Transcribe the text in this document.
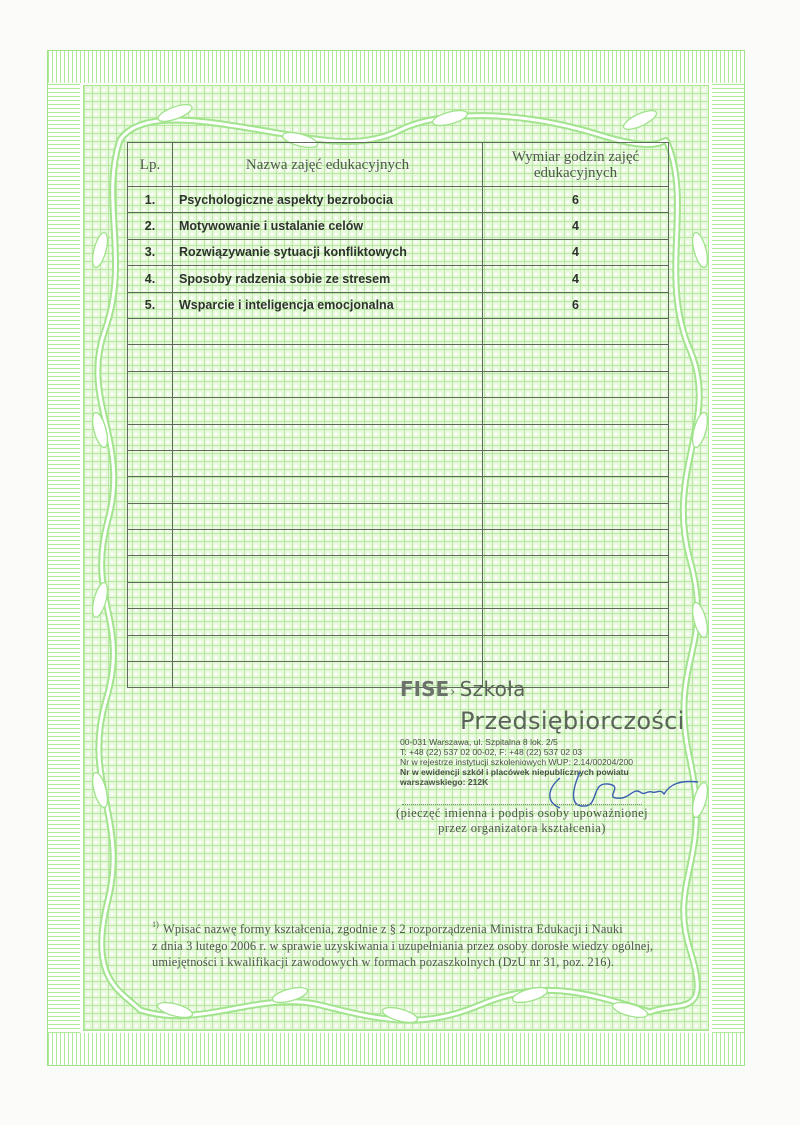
Lp.	Nazwa zajęć edukacyjnych	Wymiar godzin zajęć
edukacyjnych

1.	Psychologiczne aspekty bezrobocia	6
2.	Motywowanie i ustalanie celów	4
3.	Rozwiązywanie sytuacji konfliktowych	4
4.	Sposoby radzenia sobie ze stresem	4
5.	Wsparcie i inteligencja emocjonalna	6

FISE› Szkoła
Przedsiębiorczości
00-031 Warszawa, ul. Szpitalna 8 lok. 2/5
T: +48 (22) 537 02 00-02, F: +48 (22) 537 02 03
Nr w rejestrze instytucji szkoleniowych WUP: 2.14/00204/200
Nr w ewidencji szkół i placówek niepublicznych powiatu
warszawskiego: 212K
(pieczęć imienna i podpis osoby upoważnionej
przez organizatora kształcenia)
$^{1)}$ Wpisać nazwę formy kształcenia, zgodnie z § 2 rozporządzenia Ministra Edukacji i Nauki
z dnia 3 lutego 2006 r. w sprawie uzyskiwania i uzupełniania przez osoby dorosłe wiedzy ogólnej,
umiejętności i kwalifikacji zawodowych w formach pozaszkolnych (DzU nr 31, poz. 216).
